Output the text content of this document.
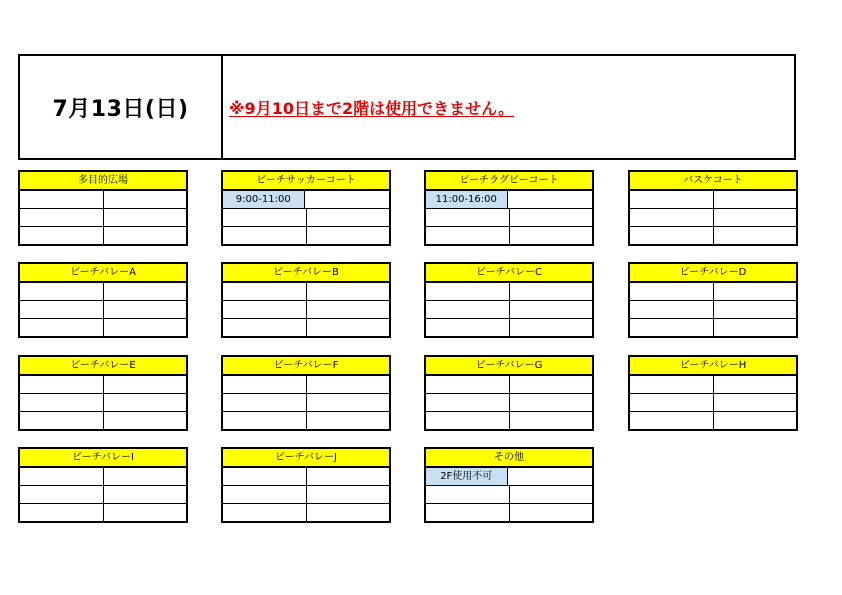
7月13日(日)	※9月10日まで2階は使用できません。
多目的広場	ビーチサッカーコート
9:00-11:00
ビーチラグビーコート
11:00-16:00
バスケコート
ビーチバレーA	ビーチバレーB	ビーチバレーC	ビーチバレーD
ビーチバレーE	ビーチバレーF	ビーチバレーG	ビーチバレーH
ビーチバレーI	ビーチバレーJ	その他
2F使用不可
